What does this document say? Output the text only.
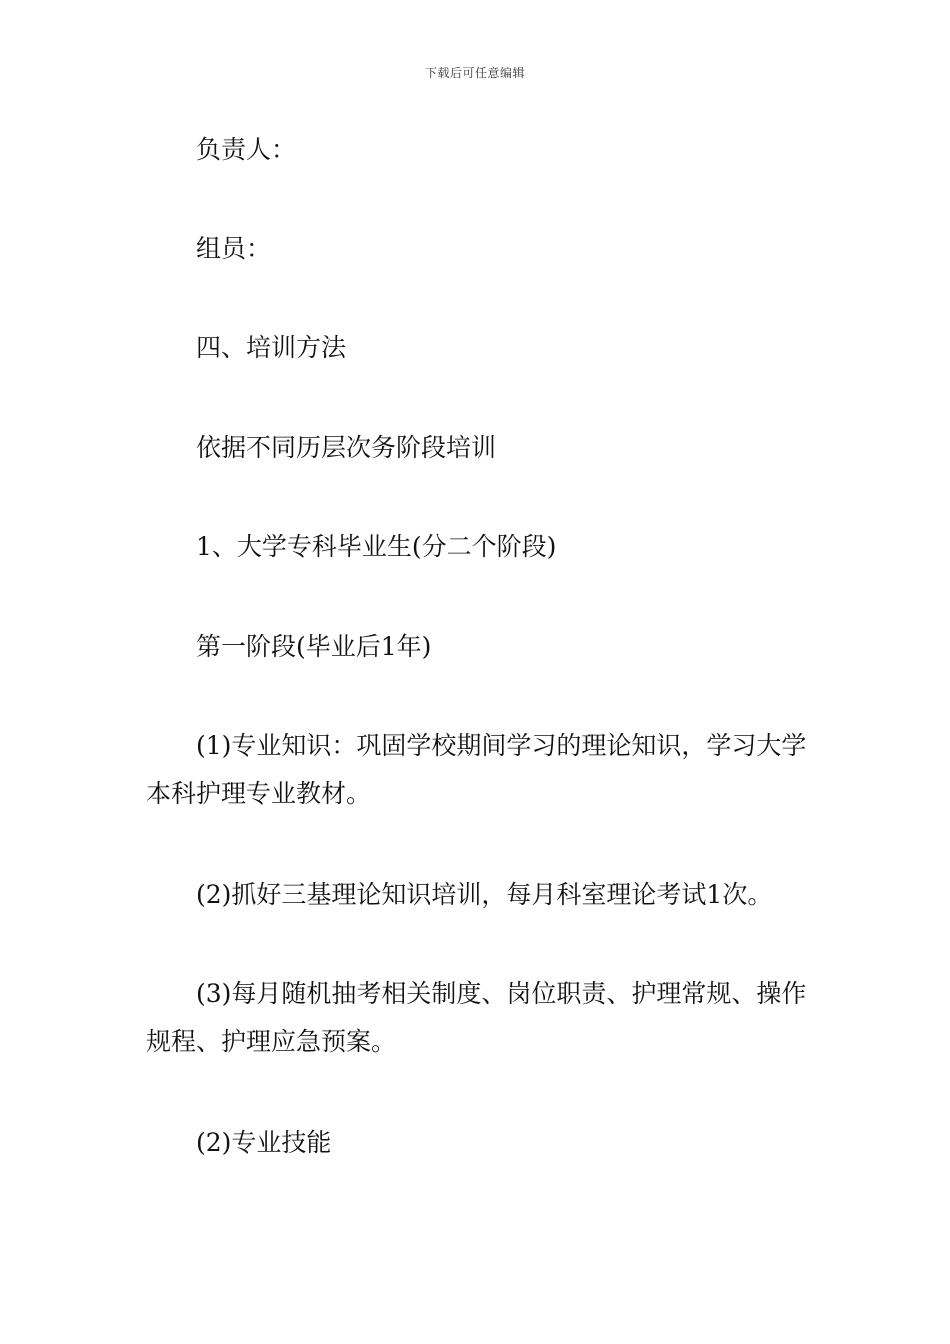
下载后可任意编辑

负责人：

组员：

四、培训方法

依据不同历层次务阶段培训

1、大学专科毕业生(分二个阶段)

第一阶段(毕业后1年)

(1)专业知识：巩固学校期间学习的理论知识，学习大学本科护理专业教材。

(2)抓好三基理论知识培训，每月科室理论考试1次。

(3)每月随机抽考相关制度、岗位职责、护理常规、操作规程、护理应急预案。

(2)专业技能
